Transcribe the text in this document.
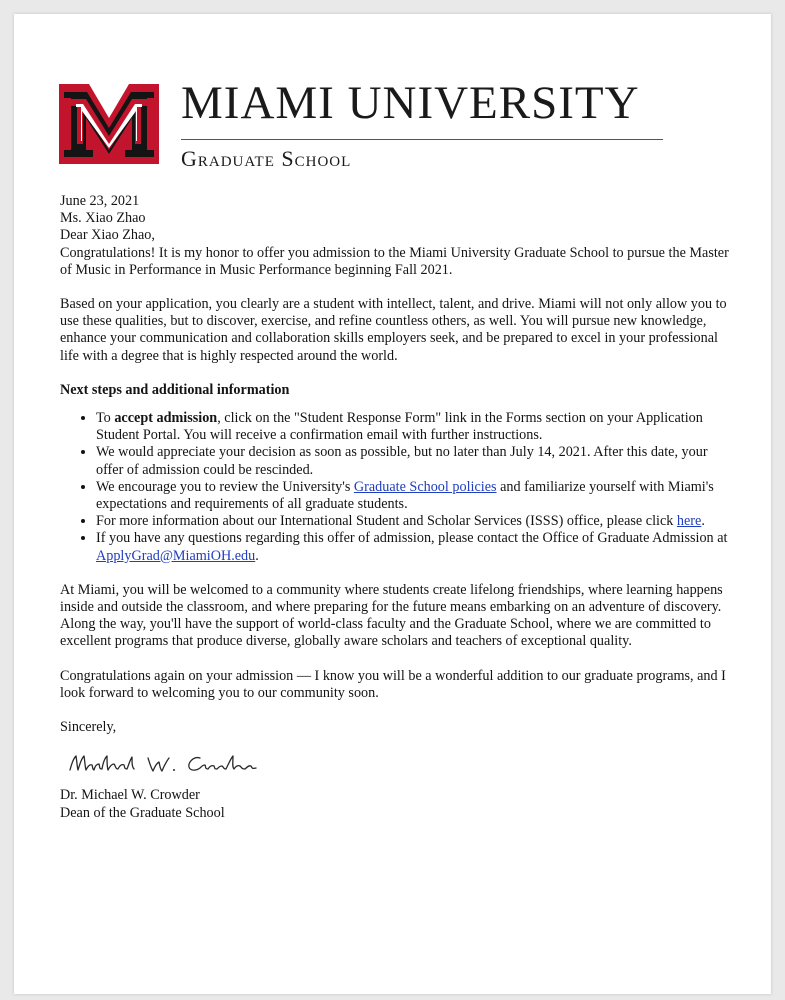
MIAMI UNIVERSITY
Graduate School

June 23, 2021

Ms. Xiao Zhao

Dear Xiao Zhao,

Congratulations! It is my honor to offer you admission to the Miami University Graduate School to pursue the Master of Music in Performance in Music Performance beginning Fall 2021.

Based on your application, you clearly are a student with intellect, talent, and drive. Miami will not only allow you to use these qualities, but to discover, exercise, and refine countless others, as well. You will pursue new knowledge, enhance your communication and collaboration skills employers seek, and be prepared to excel in your professional life with a degree that is highly respected around the world.

Next steps and additional information

• To accept admission, click on the "Student Response Form" link in the Forms section on your Application Student Portal. You will receive a confirmation email with further instructions.
• We would appreciate your decision as soon as possible, but no later than July 14, 2021. After this date, your offer of admission could be rescinded.
• We encourage you to review the University's Graduate School policies and familiarize yourself with Miami's expectations and requirements of all graduate students.
• For more information about our International Student and Scholar Services (ISSS) office, please click here.
• If you have any questions regarding this offer of admission, please contact the Office of Graduate Admission at ApplyGrad@MiamiOH.edu.

At Miami, you will be welcomed to a community where students create lifelong friendships, where learning happens inside and outside the classroom, and where preparing for the future means embarking on an adventure of discovery. Along the way, you'll have the support of world-class faculty and the Graduate School, where we are committed to excellent programs that produce diverse, globally aware scholars and teachers of exceptional quality.

Congratulations again on your admission — I know you will be a wonderful addition to our graduate programs, and I look forward to welcoming you to our community soon.

Sincerely,

Dr. Michael W. Crowder

Dean of the Graduate School
